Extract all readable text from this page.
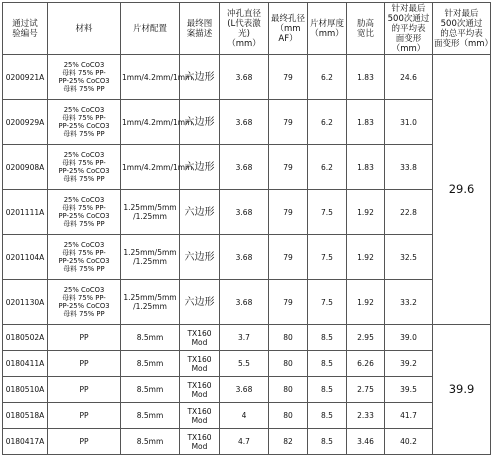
通过试
验编号	材料	片材配置	最终图
案描述	冲孔直径
(L代表激
光)
（mm）	最终孔径
（mm AF）	片材厚度
（mm）	肋高
宽比	针对最后
500次通过
的平均表
面变形（mm）	针对最后
500次通过
的总平均表
面变形（mm）
0200921A	25% CoCO3
母料 75% PP-
PP-25% CoCO3
母料 75% PP	1mm/4.2mm/1mm	六边形	3.68	79	6.2	1.83	24.6	29.6
0200929A	25% CoCO3
母料 75% PP-
PP-25% CoCO3
母料 75% PP	1mm/4.2mm/1mm	六边形	3.68	79	6.2	1.83	31.0	
0200908A	25% CoCO3
母料 75% PP-
PP-25% CoCO3
母料 75% PP	1mm/4.2mm/1mm	六边形	3.68	79	6.2	1.83	33.8	
0201111A	25% CoCO3
母料 75% PP-
PP-25% CoCO3
母料 75% PP	1.25mm/5mm
/1.25mm	六边形	3.68	79	7.5	1.92	22.8	
0201104A	25% CoCO3
母料 75% PP-
PP-25% CoCO3
母料 75% PP	1.25mm/5mm
/1.25mm	六边形	3.68	79	7.5	1.92	32.5	
0201130A	25% CoCO3
母料 75% PP-
PP-25% CoCO3
母料 75% PP	1.25mm/5mm
/1.25mm	六边形	3.68	79	7.5	1.92	33.2	
0180502A	PP	8.5mm	TX160 Mod	3.7	80	8.5	2.95	39.0	39.9
0180411A	PP	8.5mm	TX160 Mod	5.5	80	8.5	6.26	39.2	
0180510A	PP	8.5mm	TX160 Mod	3.68	80	8.5	2.75	39.5	
0180518A	PP	8.5mm	TX160 Mod	4	80	8.5	2.33	41.7	
0180417A	PP	8.5mm	TX160 Mod	4.7	82	8.5	3.46	40.2	
